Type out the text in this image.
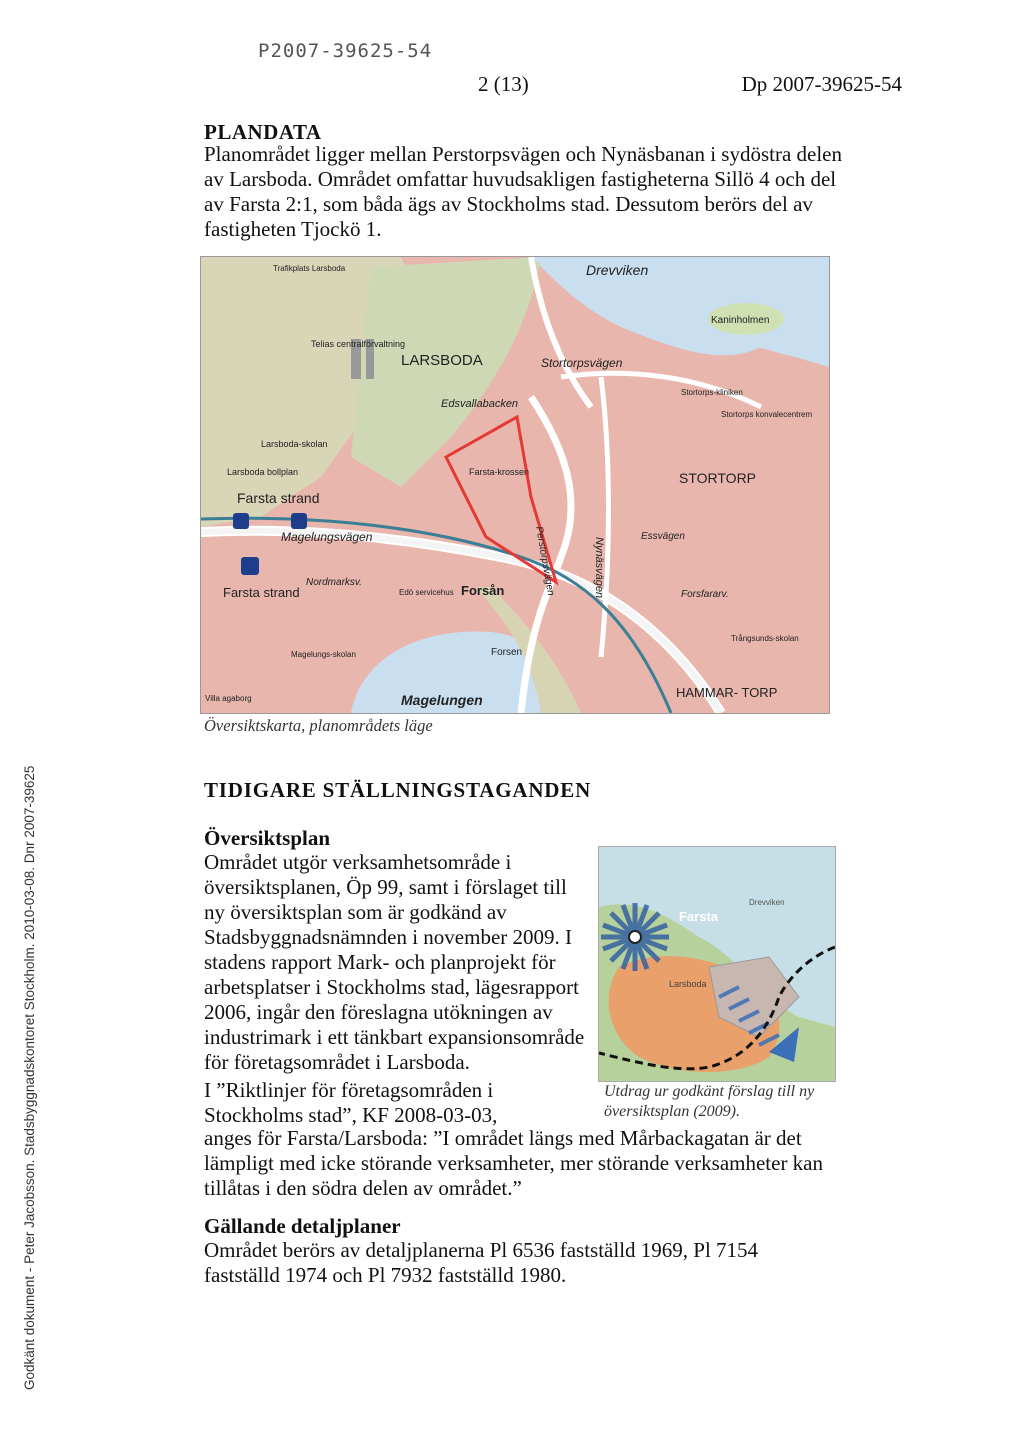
P2007-39625-54
2 (13)	Dp 2007-39625-54
Godkänt dokument - Peter Jacobsson. Stadsbyggnadskontoret Stockholm. 2010-03-08. Dnr 2007-39625
PLANDATA

Planområdet ligger mellan Perstorpsvägen och Nynäsbanan i sydöstra delen av Larsboda. Området omfattar huvudsakligen fastigheterna Sillö 4 och del av Farsta 2:1, som båda ägs av Stockholms stad. Dessutom berörs del av fastigheten Tjockö 1.

LARSBODA
Drevviken
Kaninholmen
STORTORP
Farsta strand
Forsån
Forsen
Magelungen	HAMMAR- TORP
Magelungsvägen
Nordmarksv.
Farsta strand
Farsta-krossen
Telias centralförvaltning
Stortorps-kliniken
Stortorps konvalecentrem
Edsvallabacken
Stortorpsvägen
Perstorpsvägen	Nynäsvägen
Essvägen
Trafikplats Larsboda
Larsboda-skolan
Larsboda bollplan
Edö servicehus	Forsfararv.
Magelungs-skolan
Trångsunds-skolan
Villa agaborg
Översiktskarta, planområdets läge
TIDIGARE STÄLLNINGSTAGANDEN
Översiktsplan

Området utgör verksamhetsområde i översiktsplanen, Öp 99, samt i förslaget till ny översiktsplan som är godkänd av Stadsbyggnadsnämnden i november 2009. I stadens rapport Mark- och planprojekt för arbetsplatser i Stockholms stad, lägesrapport 2006, ingår den föreslagna utökningen av industrimark i ett tänkbart expansionsområde för företagsområdet i Larsboda.

Farsta
Larsboda
Drevviken
Utdrag ur godkänt förslag till ny översiktsplan (2009).

I ”Riktlinjer för företagsområden i Stockholms stad”, KF 2008-03-03,

anges för Farsta/Larsboda: ”I området längs med Mårbackagatan är det lämpligt med icke störande verksamheter, mer störande verksamheter kan tillåtas i den södra delen av området.”

Gällande detaljplaner

Området berörs av detaljplanerna Pl 6536 fastställd 1969, Pl 7154 fastställd 1974 och Pl 7932 fastställd 1980.
